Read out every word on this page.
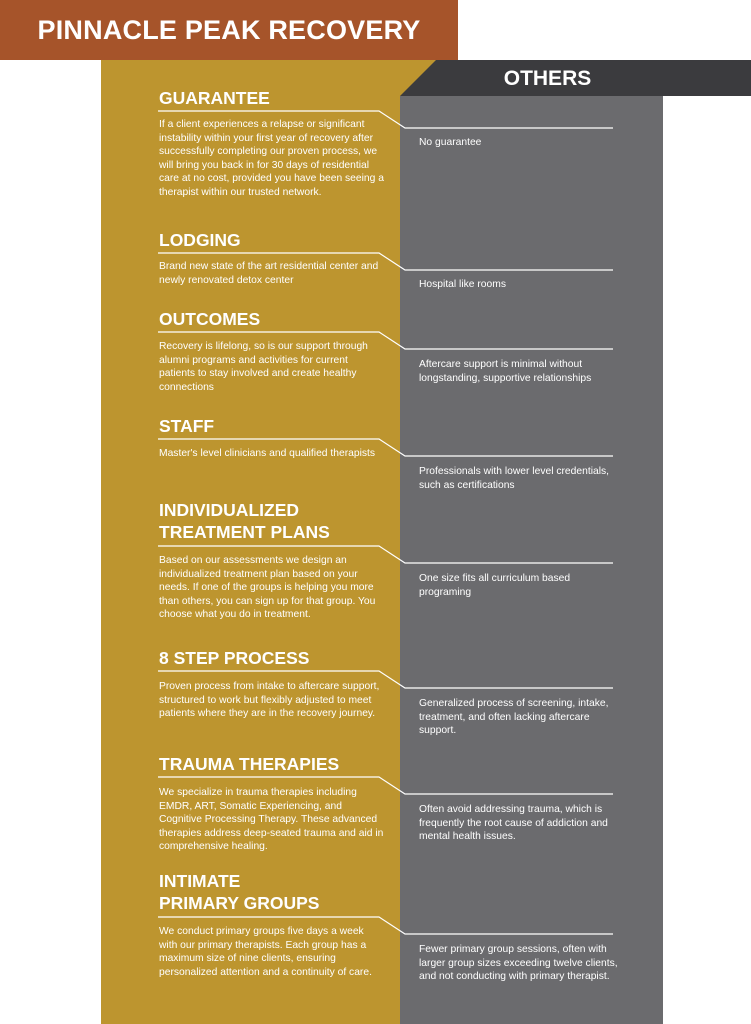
PINNACLE PEAK RECOVERY
OTHERS
GUARANTEE
If a client experiences a relapse or significant instability within your first year of recovery after successfully completing our proven process, we will bring you back in for 30 days of residential care at no cost, provided you have been seeing a therapist within our trusted network.
No guarantee
LODGING
Brand new state of the art residential center and newly renovated detox center	Hospital like rooms
OUTCOMES
Recovery is lifelong, so is our support through alumni programs and activities for current patients to stay involved and create healthy connections
Aftercare support is minimal without longstanding, supportive relationships
STAFF
Master's level clinicians and qualified therapists
Professionals with lower level credentials, such as certifications
INDIVIDUALIZED
TREATMENT PLANS
Based on our assessments we design an individualized treatment plan based on your needs. If one of the groups is helping you more than others, you can sign up for that group. You choose what you do in treatment.
One size fits all curriculum based programing
8 STEP PROCESS
Proven process from intake to aftercare support, structured to work but flexibly adjusted to meet patients where they are in the recovery journey.
Generalized process of screening, intake, treatment, and often lacking aftercare support.
TRAUMA THERAPIES
We specialize in trauma therapies including EMDR, ART, Somatic Experiencing, and Cognitive Processing Therapy. These advanced therapies address deep-seated trauma and aid in comprehensive healing.
Often avoid addressing trauma, which is frequently the root cause of addiction and mental health issues.
INTIMATE
PRIMARY GROUPS
We conduct primary groups five days a week with our primary therapists. Each group has a maximum size of nine clients, ensuring personalized attention and a continuity of care.
Fewer primary group sessions, often with larger group sizes exceeding twelve clients, and not conducting with primary therapist.
